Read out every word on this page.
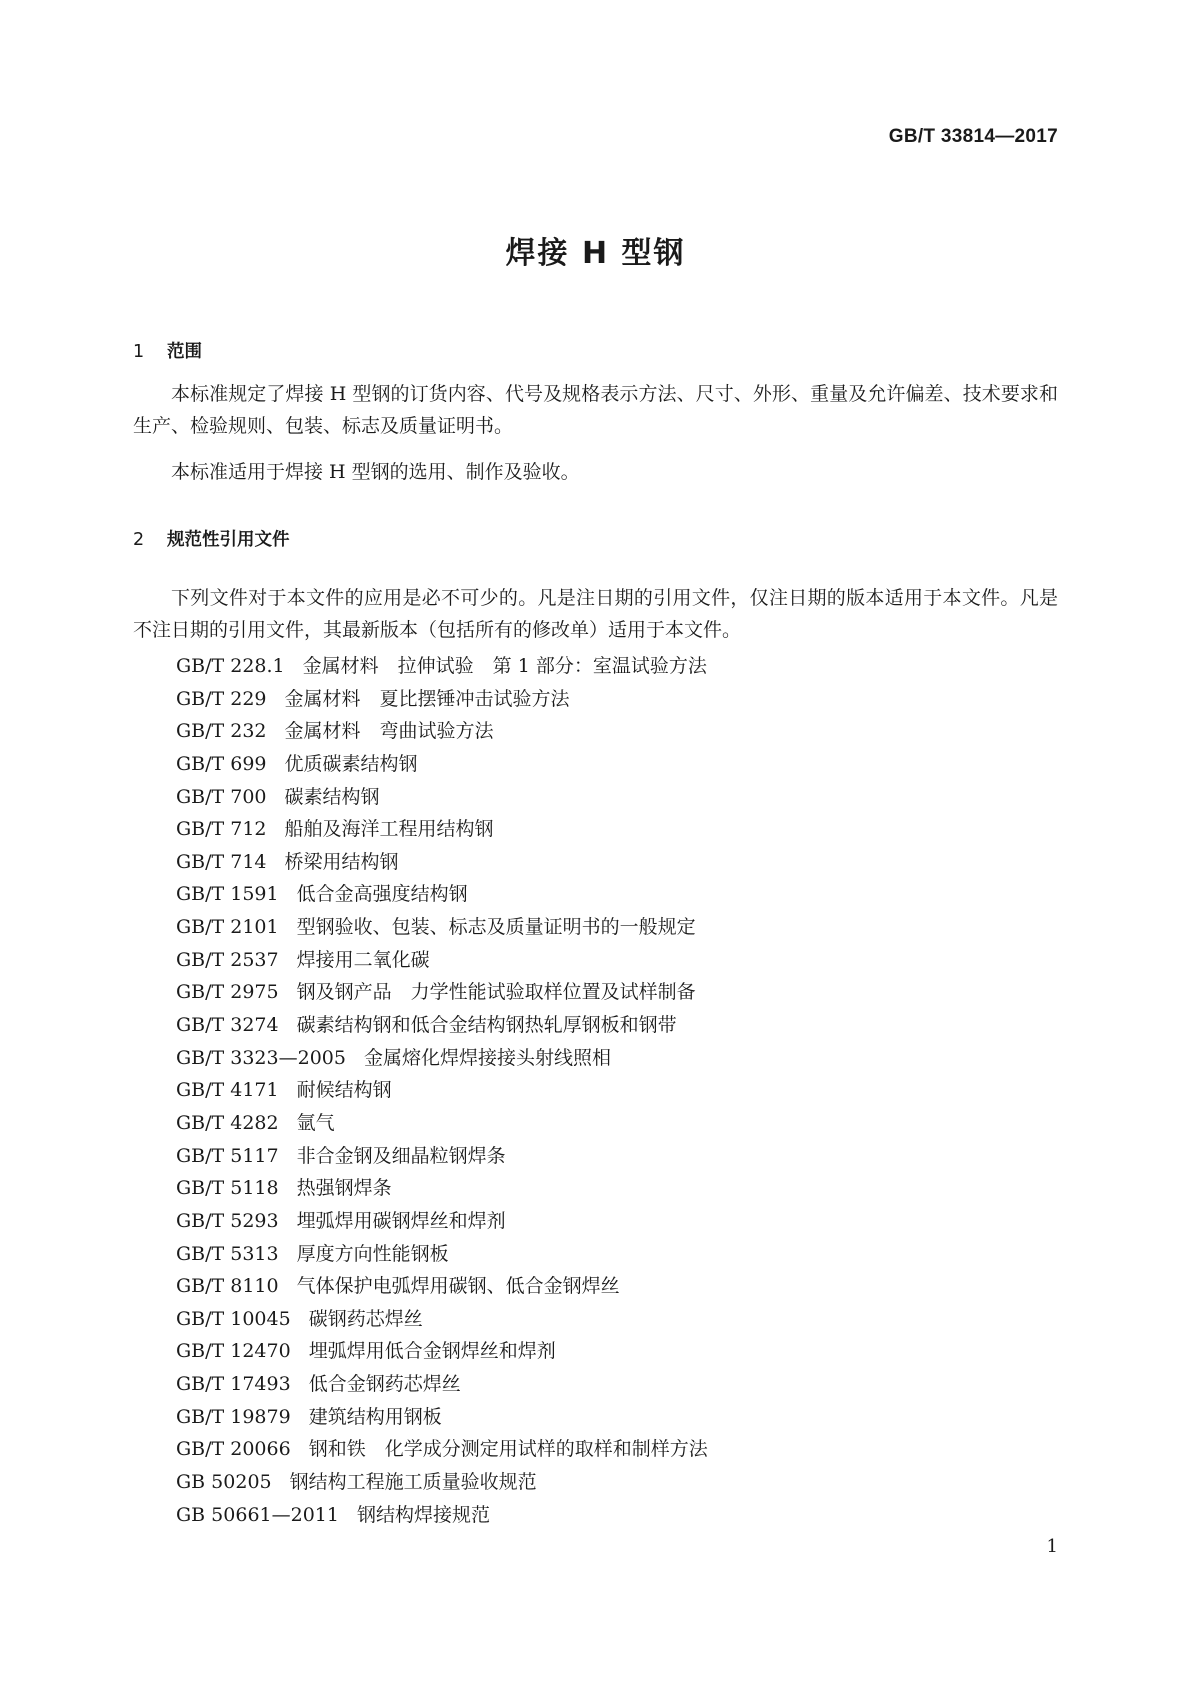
GB/T 33814—2017
焊接 H 型钢
1 范围

本标准规定了焊接 H 型钢的订货内容、代号及规格表示方法、尺寸、外形、重量及允许偏差、技术要求和生产、检验规则、包装、标志及质量证明书。

本标准适用于焊接 H 型钢的选用、制作及验收。

2 规范性引用文件

下列文件对于本文件的应用是必不可少的。凡是注日期的引用文件，仅注日期的版本适用于本文件。凡是不注日期的引用文件，其最新版本（包括所有的修改单）适用于本文件。

GB/T 228.1 金属材料　拉伸试验　第 1 部分：室温试验方法
GB/T 229 金属材料　夏比摆锤冲击试验方法
GB/T 232 金属材料　弯曲试验方法
GB/T 699 优质碳素结构钢
GB/T 700 碳素结构钢
GB/T 712 船舶及海洋工程用结构钢
GB/T 714 桥梁用结构钢
GB/T 1591 低合金高强度结构钢
GB/T 2101 型钢验收、包装、标志及质量证明书的一般规定
GB/T 2537 焊接用二氧化碳
GB/T 2975 钢及钢产品　力学性能试验取样位置及试样制备
GB/T 3274 碳素结构钢和低合金结构钢热轧厚钢板和钢带
GB/T 3323—2005 金属熔化焊焊接接头射线照相
GB/T 4171 耐候结构钢
GB/T 4282 氩气
GB/T 5117 非合金钢及细晶粒钢焊条
GB/T 5118 热强钢焊条
GB/T 5293 埋弧焊用碳钢焊丝和焊剂
GB/T 5313 厚度方向性能钢板
GB/T 8110 气体保护电弧焊用碳钢、低合金钢焊丝
GB/T 10045 碳钢药芯焊丝
GB/T 12470 埋弧焊用低合金钢焊丝和焊剂
GB/T 17493 低合金钢药芯焊丝
GB/T 19879 建筑结构用钢板
GB/T 20066 钢和铁　化学成分测定用试样的取样和制样方法
GB 50205 钢结构工程施工质量验收规范
GB 50661—2011 钢结构焊接规范
1
